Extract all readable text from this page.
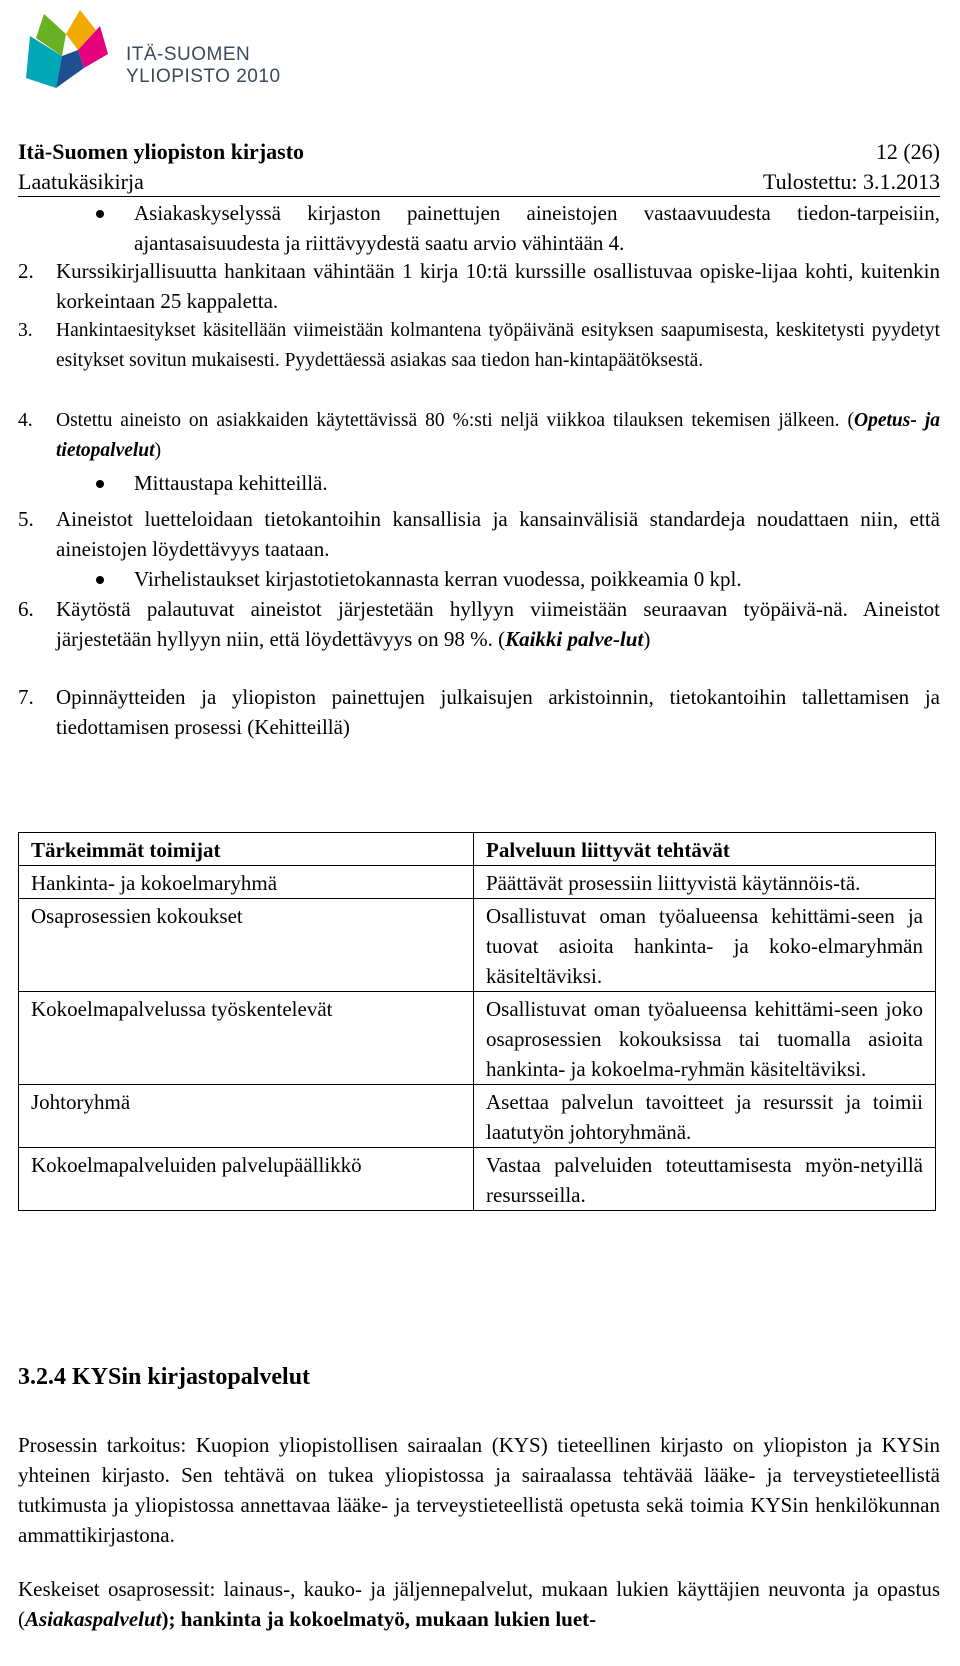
ITÄ-SUOMEN
YLIOPISTO 2010
Itä-Suomen yliopiston kirjasto	12 (26)
Laatukäsikirja	Tulostettu: 3.1.2013
Asiakaskyselyssä kirjaston painettujen aineistojen vastaavuudesta tiedon-tarpeisiin, ajantasaisuudesta ja riittävyydestä saatu arvio vähintään 4.
2. Kurssikirjallisuutta hankitaan vähintään 1 kirja 10:tä kurssille osallistuvaa opiske-lijaa kohti, kuitenkin korkeintaan 25 kappaletta.
3. Hankintaesitykset käsitellään viimeistään kolmantena työpäivänä esityksen saapumisesta, keskitetysti pyydetyt esitykset sovitun mukaisesti. Pyydettäessä asiakas saa tiedon han-kintapäätöksestä.
4. Ostettu aineisto on asiakkaiden käytettävissä 80 %:sti neljä viikkoa tilauksen tekemisen jälkeen. (Opetus- ja tietopalvelut)
Mittaustapa kehitteillä.
5. Aineistot luetteloidaan tietokantoihin kansallisia ja kansainvälisiä standardeja noudattaen niin, että aineistojen löydettävyys taataan.
Virhelistaukset kirjastotietokannasta kerran vuodessa, poikkeamia 0 kpl.
6. Käytöstä palautuvat aineistot järjestetään hyllyyn viimeistään seuraavan työpäivä-nä. Aineistot järjestetään hyllyyn niin, että löydettävyys on 98 %. (Kaikki palve-lut)
7. Opinnäytteiden ja yliopiston painettujen julkaisujen arkistoinnin, tietokantoihin tallettamisen ja tiedottamisen prosessi (Kehitteillä)
Tärkeimmät toimijat	Palveluun liittyvät tehtävät
Hankinta- ja kokoelmaryhmä	Päättävät prosessiin liittyvistä käytännöis-tä.
Osaprosessien kokoukset	Osallistuvat oman työalueensa kehittämi-seen ja tuovat asioita hankinta- ja koko-elmaryhmän käsiteltäviksi.
Kokoelmapalvelussa työskentelevät	Osallistuvat oman työalueensa kehittämi-seen joko osaprosessien kokouksissa tai tuomalla asioita hankinta- ja kokoelma-ryhmän käsiteltäviksi.
Johtoryhmä	Asettaa palvelun tavoitteet ja resurssit ja toimii laatutyön johtoryhmänä.
Kokoelmapalveluiden palvelupäällikkö	Vastaa palveluiden toteuttamisesta myön-netyillä resursseilla.
3.2.4 KYSin kirjastopalvelut
Prosessin tarkoitus: Kuopion yliopistollisen sairaalan (KYS) tieteellinen kirjasto on yliopiston ja KYSin yhteinen kirjasto. Sen tehtävä on tukea yliopistossa ja sairaalassa tehtävää lääke- ja terveystieteellistä tutkimusta ja yliopistossa annettavaa lääke- ja terveystieteellistä opetusta sekä toimia KYSin henkilökunnan ammattikirjastona.
Keskeiset osaprosessit: lainaus-, kauko- ja jäljennepalvelut, mukaan lukien käyttäjien neuvonta ja opastus (Asiakaspalvelut); hankinta ja kokoelmatyö, mukaan lukien luet-
